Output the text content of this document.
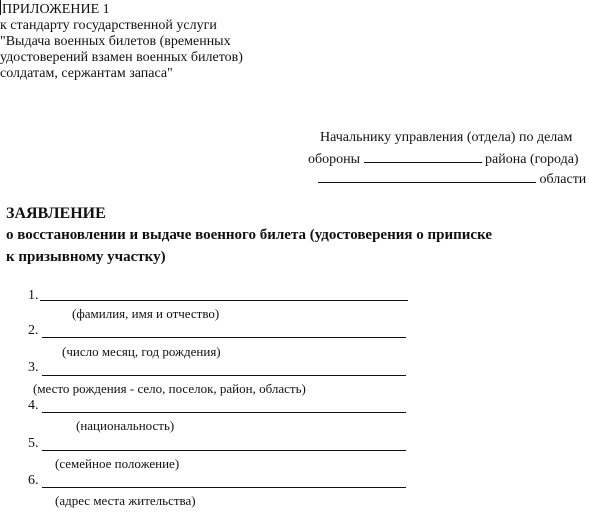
ПРИЛОЖЕНИЕ 1
к стандарту государственной услуги
"Выдача военных билетов (временных
удостоверений взамен военных билетов)
солдатам, сержантам запаса"
Начальнику управления (отдела) по делам
обороны	района (города)
области
ЗАЯВЛЕНИЕ
о восстановлении и выдаче военного билета (удостоверения о приписке
к призывному участку)
1.
(фамилия, имя и отчество)
2.
(число месяц, год рождения)
3.
(место рождения - село, поселок, район, область)
4.
(национальность)
5.
(семейное положение)
6.
(адрес места жительства)
